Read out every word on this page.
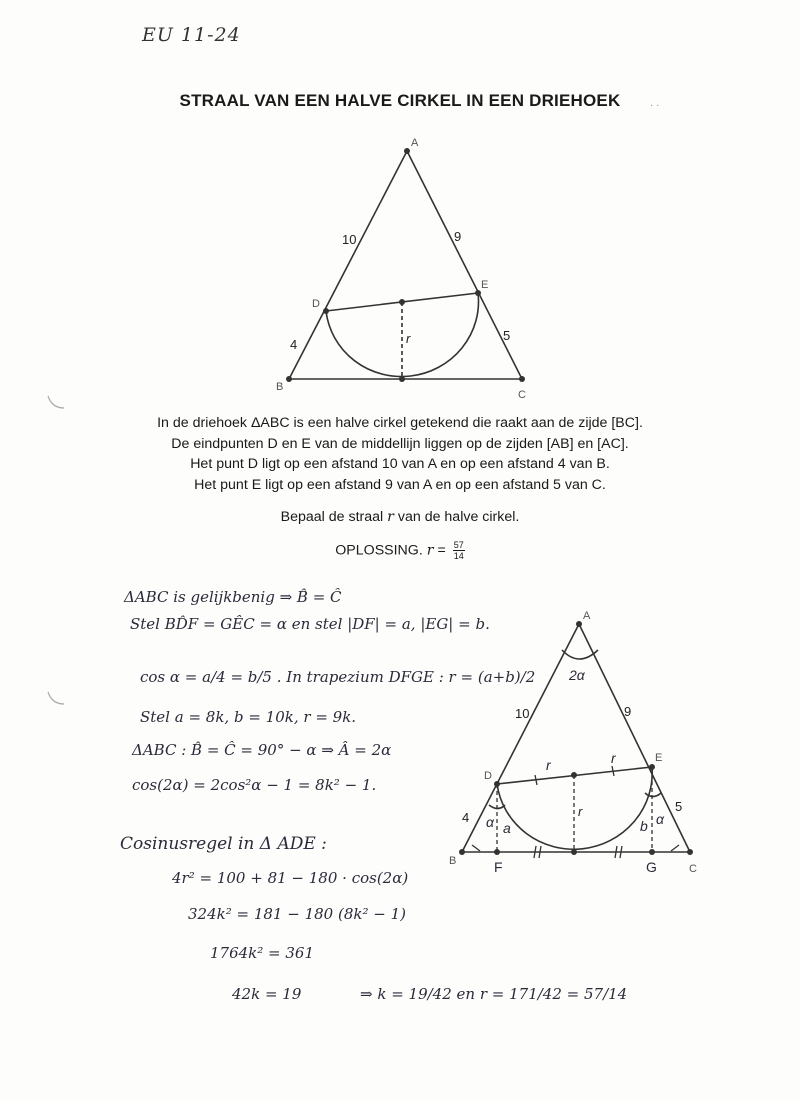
EU 11-24
STRAAL VAN EEN HALVE CIRKEL IN EEN DRIEHOEK	· ·
A
B
C
D
E
10	9
4
5
r
In de driehoek ΔABC is een halve cirkel getekend die raakt aan de zijde [BC].
De eindpunten D en E van de middellijn liggen op de zijden [AB] en [AC].
Het punt D ligt op een afstand 10 van A en op een afstand 4 van B.
Het punt E ligt op een afstand 9 van A en op een afstand 5 van C.
Bepaal de straal r van de halve cirkel.
OPLOSSING. $r = \frac{57}{14}$
ΔABC is gelijkbenig ⇒ B̂ = Ĉ
Stel BD̂F = GÊC = α en stel |DF| = a, |EG| = b.
cos α = a/4 = b/5 . In trapezium DFGE : r = (a+b)/2
Stel a = 8k, b = 10k, r = 9k.
ΔABC : B̂ = Ĉ = 90° − α ⇒ Â = 2α
cos(2α) = 2cos²α − 1 = 8k² − 1.
Cosinusregel in Δ ADE :
4r² = 100 + 81 − 180 · cos(2α)
324k² = 181 − 180 (8k² − 1)
1764k² = 361
42k = 19	⇒ k = 19/42 en r = 171/42 = 57/14
A
B
C
D
E
10	9
4
5
r
2α
r	r
α	α
a	b
F	G
